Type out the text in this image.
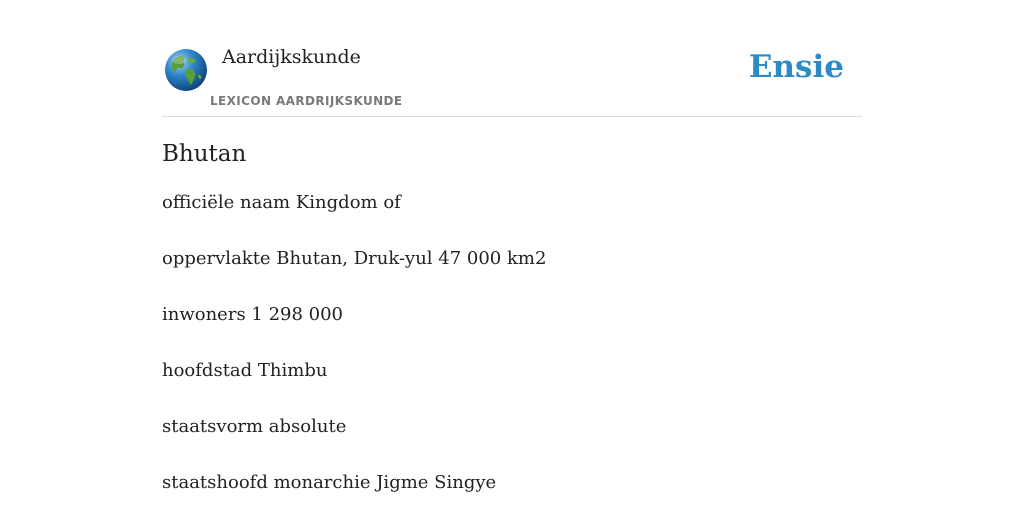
Aardijkskunde
LEXICON AARDRIJKSKUNDE
Ensie
Bhutan

officiële naam Kingdom of

oppervlakte Bhutan, Druk-yul 47 000 km2

inwoners 1 298 000

hoofdstad Thimbu

staatsvorm absolute

staatshoofd monarchie Jigme Singye
